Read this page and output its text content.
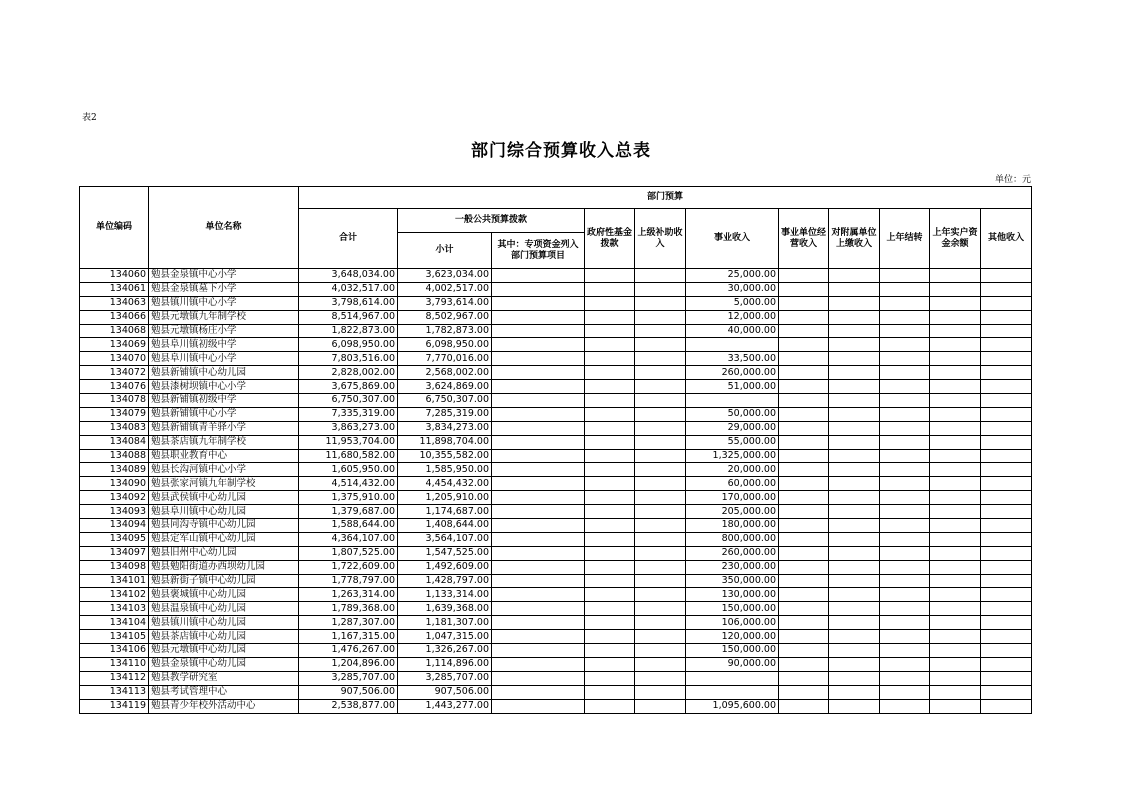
表2
部门综合预算收入总表
单位：元
单位编码	单位名称	部门预算										
		合计	一般公共预算拨款		政府性基金拨款	上级补助收入	事业收入	事业单位经营收入	对附属单位上缴收入	上年结转	上年实户资金余额	其他收入
			小计	其中：专项资金列入部门预算项目								
134060	勉县金泉镇中心小学	3,648,034.00	3,623,034.00				25,000.00					
134061	勉县金泉镇墓下小学	4,032,517.00	4,002,517.00				30,000.00					
134063	勉县镇川镇中心小学	3,798,614.00	3,793,614.00				5,000.00					
134066	勉县元墩镇九年制学校	8,514,967.00	8,502,967.00				12,000.00					
134068	勉县元墩镇杨庄小学	1,822,873.00	1,782,873.00				40,000.00					
134069	勉县阜川镇初级中学	6,098,950.00	6,098,950.00									
134070	勉县阜川镇中心小学	7,803,516.00	7,770,016.00				33,500.00					
134072	勉县新铺镇中心幼儿园	2,828,002.00	2,568,002.00				260,000.00					
134076	勉县漆树坝镇中心小学	3,675,869.00	3,624,869.00				51,000.00					
134078	勉县新铺镇初级中学	6,750,307.00	6,750,307.00									
134079	勉县新铺镇中心小学	7,335,319.00	7,285,319.00				50,000.00					
134083	勉县新铺镇青羊驿小学	3,863,273.00	3,834,273.00				29,000.00					
134084	勉县茶店镇九年制学校	11,953,704.00	11,898,704.00				55,000.00					
134088	勉县职业教育中心	11,680,582.00	10,355,582.00				1,325,000.00					
134089	勉县长沟河镇中心小学	1,605,950.00	1,585,950.00				20,000.00					
134090	勉县张家河镇九年制学校	4,514,432.00	4,454,432.00				60,000.00					
134092	勉县武侯镇中心幼儿园	1,375,910.00	1,205,910.00				170,000.00					
134093	勉县阜川镇中心幼儿园	1,379,687.00	1,174,687.00				205,000.00					
134094	勉县同沟寺镇中心幼儿园	1,588,644.00	1,408,644.00				180,000.00					
134095	勉县定军山镇中心幼儿园	4,364,107.00	3,564,107.00				800,000.00					
134097	勉县旧州中心幼儿园	1,807,525.00	1,547,525.00				260,000.00					
134098	勉县勉阳街道办西坝幼儿园	1,722,609.00	1,492,609.00				230,000.00					
134101	勉县新街子镇中心幼儿园	1,778,797.00	1,428,797.00				350,000.00					
134102	勉县褒城镇中心幼儿园	1,263,314.00	1,133,314.00				130,000.00					
134103	勉县温泉镇中心幼儿园	1,789,368.00	1,639,368.00				150,000.00					
134104	勉县镇川镇中心幼儿园	1,287,307.00	1,181,307.00				106,000.00					
134105	勉县茶店镇中心幼儿园	1,167,315.00	1,047,315.00				120,000.00					
134106	勉县元墩镇中心幼儿园	1,476,267.00	1,326,267.00				150,000.00					
134110	勉县金泉镇中心幼儿园	1,204,896.00	1,114,896.00				90,000.00					
134112	勉县教学研究室	3,285,707.00	3,285,707.00									
134113	勉县考试管理中心	907,506.00	907,506.00									
134119	勉县青少年校外活动中心	2,538,877.00	1,443,277.00				1,095,600.00					
